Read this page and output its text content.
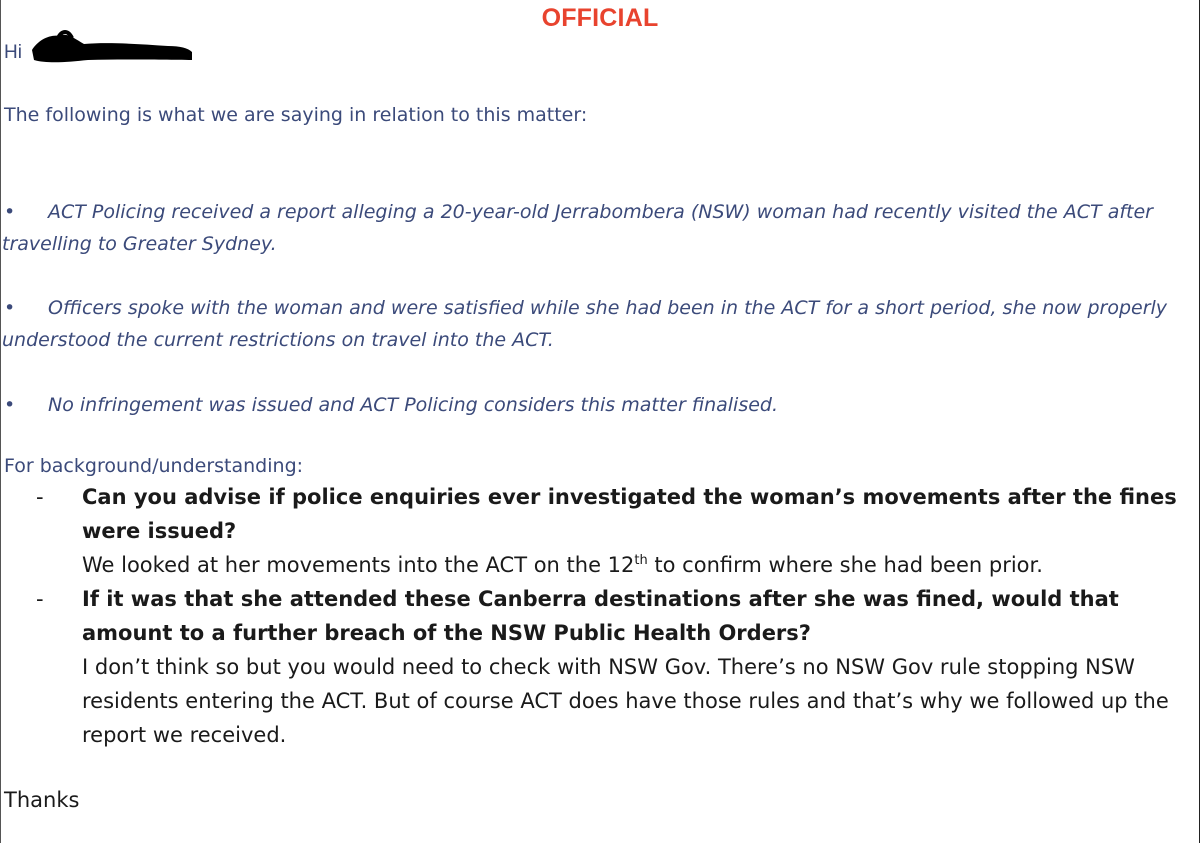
OFFICIAL
Hi
The following is what we are saying in relation to this matter:
• ACT Policing received a report alleging a 20-year-old Jerrabombera (NSW) woman had recently visited the ACT after travelling to Greater Sydney.
• Officers spoke with the woman and were satisfied while she had been in the ACT for a short period, she now properly understood the current restrictions on travel into the ACT.
• No infringement was issued and ACT Policing considers this matter finalised.
For background/understanding:
-	Can you advise if police enquiries ever investigated the woman’s movements after the fines were issued?
We looked at her movements into the ACT on the 12th to confirm where she had been prior.
-	If it was that she attended these Canberra destinations after she was fined, would that amount to a further breach of the NSW Public Health Orders?
I don’t think so but you would need to check with NSW Gov. There’s no NSW Gov rule stopping NSW residents entering the ACT. But of course ACT does have those rules and that’s why we followed up the report we received.
Thanks
